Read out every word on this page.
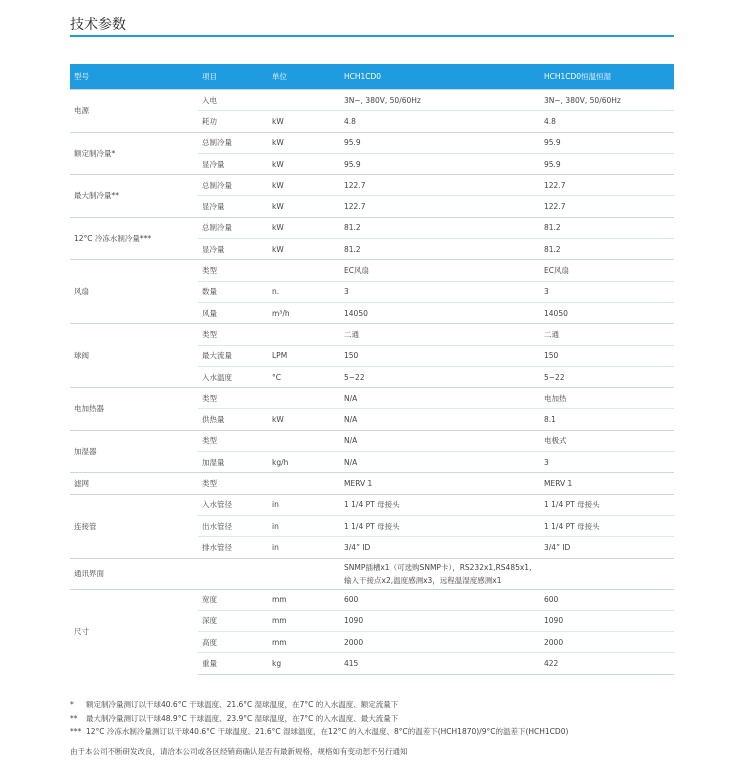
技术参数
型号	项目	单位	HCH1CD0	HCH1CD0恒温恒湿
电源	入电		3N~, 380V, 50/60Hz	3N~, 380V, 50/60Hz
	耗功	kW	4.8	4.8
额定制冷量*	总制冷量	kW	95.9	95.9
	显冷量	kW	95.9	95.9
最大制冷量**	总制冷量	kW	122.7	122.7
	显冷量	kW	122.7	122.7
12°C 冷冻水制冷量***	总制冷量	kW	81.2	81.2
	显冷量	kW	81.2	81.2
风扇	类型		EC风扇	EC风扇
	数量	n.	3	3
	风量	m³/h	14050	14050
球阀	类型		二通	二通
	最大流量	LPM	150	150
	入水温度	°C	5~22	5~22
电加热器	类型		N/A	电加热
	供热量	kW	N/A	8.1
加湿器	类型		N/A	电极式
	加湿量	kg/h	N/A	3
滤网	类型		MERV 1	MERV 1
连接管	入水管径	in	1 1/4 PT 母接头	1 1/4 PT 母接头
	出水管径	in	1 1/4 PT 母接头	1 1/4 PT 母接头
	排水管径	in	3/4” ID	3/4” ID
通讯界面			SNMP插槽x1（可选购SNMP卡），RS232x1,RS485x1,
输入干接点x2,温度感测x3，远程温湿度感测x1	

尺寸	宽度	mm	600	600
	深度	mm	1090	1090
	高度	mm	2000	2000
	重量	kg	415	422
* 额定制冷量测订以干球40.6°C 干球温度、21.6°C 湿球温度，在7°C 的入水温度、额定流量下
** 最大制冷量测订以干球48.9°C 干球温度、23.9°C 湿球温度，在7°C 的入水温度、最大流量下
*** 12°C 冷冻水制冷量测订以干球40.6°C 干球温度、21.6°C 湿球温度，在12°C 的入水温度、8°C的温差下(HCH1870)/9°C的温差下(HCH1CD0)
由于本公司不断研发改良，请洽本公司或各区经销商确认是否有最新规格，规格如有变动恕不另行通知
